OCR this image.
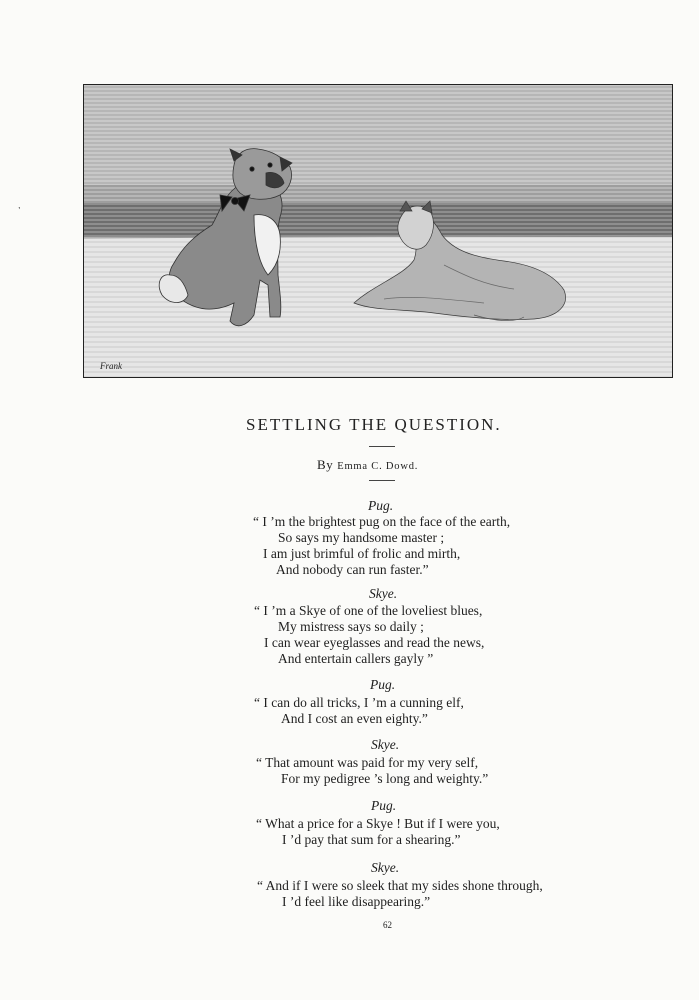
᾽
Frank
SETTLING THE QUESTION.
By Emma C. Dowd.
Pug.
“ I ’m the brightest pug on the face of the earth,
So says my handsome master ;
I am just brimful of frolic and mirth,
And nobody can run faster.”
Skye.
“ I ’m a Skye of one of the loveliest blues,
My mistress says so daily ;
I can wear eyeglasses and read the news,
And entertain callers gayly ”
Pug.
“ I can do all tricks, I ’m a cunning elf,
And I cost an even eighty.”
Skye.
“ That amount was paid for my very self,
For my pedigree ’s long and weighty.”
Pug.
“ What a price for a Skye ! But if I were you,
I ’d pay that sum for a shearing.”
Skye.
“ And if I were so sleek that my sides shone through,
I ’d feel like disappearing.”
62
